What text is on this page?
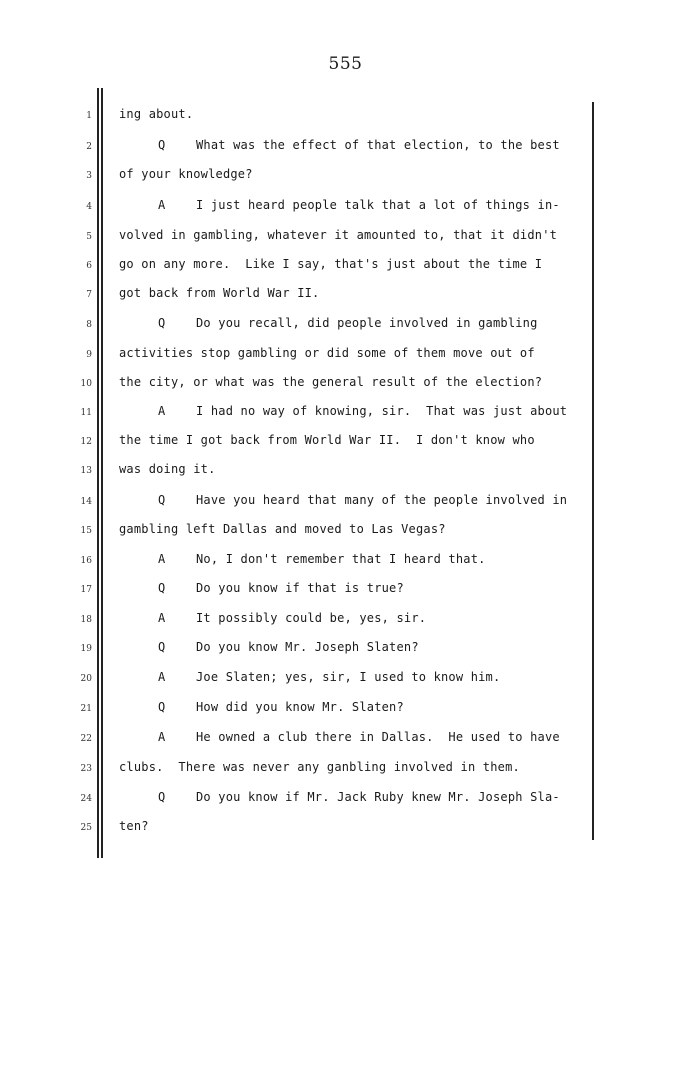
555
1 ing about.
2	Q	What was the effect of that election, to the best
3 of your knowledge?
4	A	I just heard people talk that a lot of things in-
5 volved in gambling, whatever it amounted to, that it didn't
6 go on any more.  Like I say, that's just about the time I
7 got back from World War II.
8	Q	Do you recall, did people involved in gambling
9 activities stop gambling or did some of them move out of
10 the city, or what was the general result of the election?
11	A	I had no way of knowing, sir.  That was just about
12 the time I got back from World War II.  I don't know who
13 was doing it.
14	Q	Have you heard that many of the people involved in
15 gambling left Dallas and moved to Las Vegas?
16	A	No, I don't remember that I heard that.
17	Q	Do you know if that is true?
18	A	It possibly could be, yes, sir.
19	Q	Do you know Mr. Joseph Slaten?
20	A	Joe Slaten; yes, sir, I used to know him.
21	Q	How did you know Mr. Slaten?
22	A	He owned a club there in Dallas.  He used to have
23 clubs.  There was never any ganbling involved in them.
24	Q	Do you know if Mr. Jack Ruby knew Mr. Joseph Sla-
25 ten?
